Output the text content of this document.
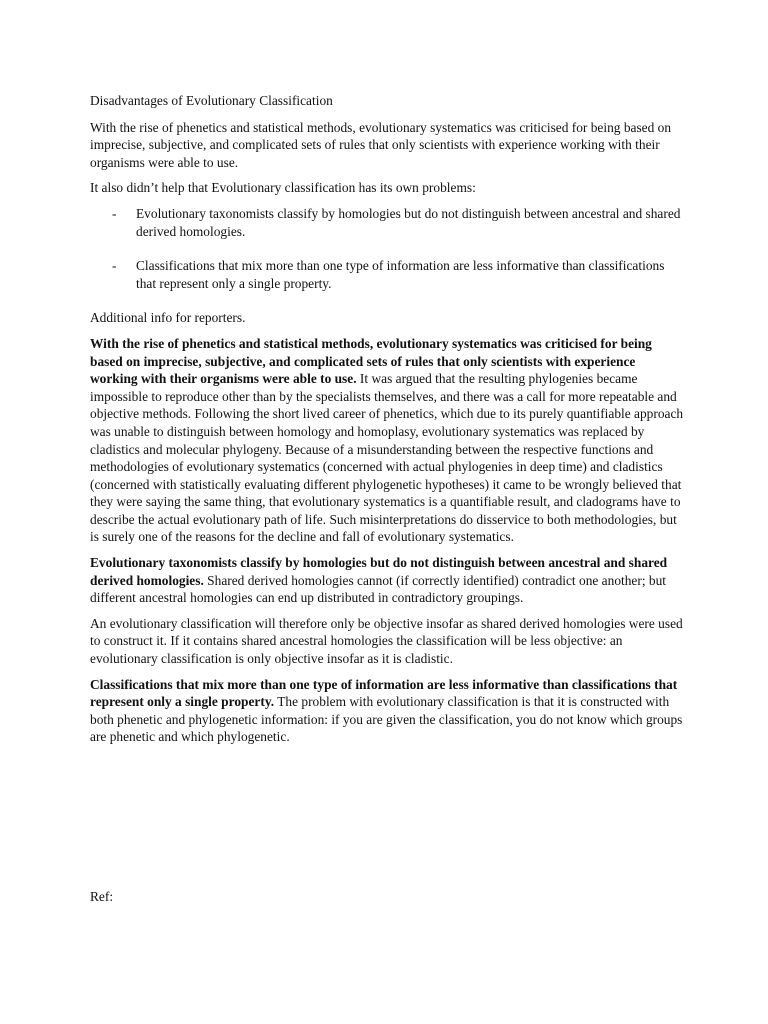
Disadvantages of Evolutionary Classification

With the rise of phenetics and statistical methods, evolutionary systematics was criticised for being based on imprecise, subjective, and complicated sets of rules that only scientists with experience working with their organisms were able to use.

It also didn’t help that Evolutionary classification has its own problems:

- Evolutionary taxonomists classify by homologies but do not distinguish between ancestral and shared derived homologies.
- Classifications that mix more than one type of information are less informative than classifications that represent only a single property.

Additional info for reporters.

With the rise of phenetics and statistical methods, evolutionary systematics was criticised for being based on imprecise, subjective, and complicated sets of rules that only scientists with experience working with their organisms were able to use. It was argued that the resulting phylogenies became impossible to reproduce other than by the specialists themselves, and there was a call for more repeatable and objective methods. Following the short lived career of phenetics, which due to its purely quantifiable approach was unable to distinguish between homology and homoplasy, evolutionary systematics was replaced by cladistics and molecular phylogeny. Because of a misunderstanding between the respective functions and methodologies of evolutionary systematics (concerned with actual phylogenies in deep time) and cladistics (concerned with statistically evaluating different phylogenetic hypotheses) it came to be wrongly believed that they were saying the same thing, that evolutionary systematics is a quantifiable result, and cladograms have to describe the actual evolutionary path of life. Such misinterpretations do disservice to both methodologies, but is surely one of the reasons for the decline and fall of evolutionary systematics.

Evolutionary taxonomists classify by homologies but do not distinguish between ancestral and shared derived homologies. Shared derived homologies cannot (if correctly identified) contradict one another; but different ancestral homologies can end up distributed in contradictory groupings.

An evolutionary classification will therefore only be objective insofar as shared derived homologies were used to construct it. If it contains shared ancestral homologies the classification will be less objective: an evolutionary classification is only objective insofar as it is cladistic.

Classifications that mix more than one type of information are less informative than classifications that represent only a single property. The problem with evolutionary classification is that it is constructed with both phenetic and phylogenetic information: if you are given the classification, you do not know which groups are phenetic and which phylogenetic.

Ref:
